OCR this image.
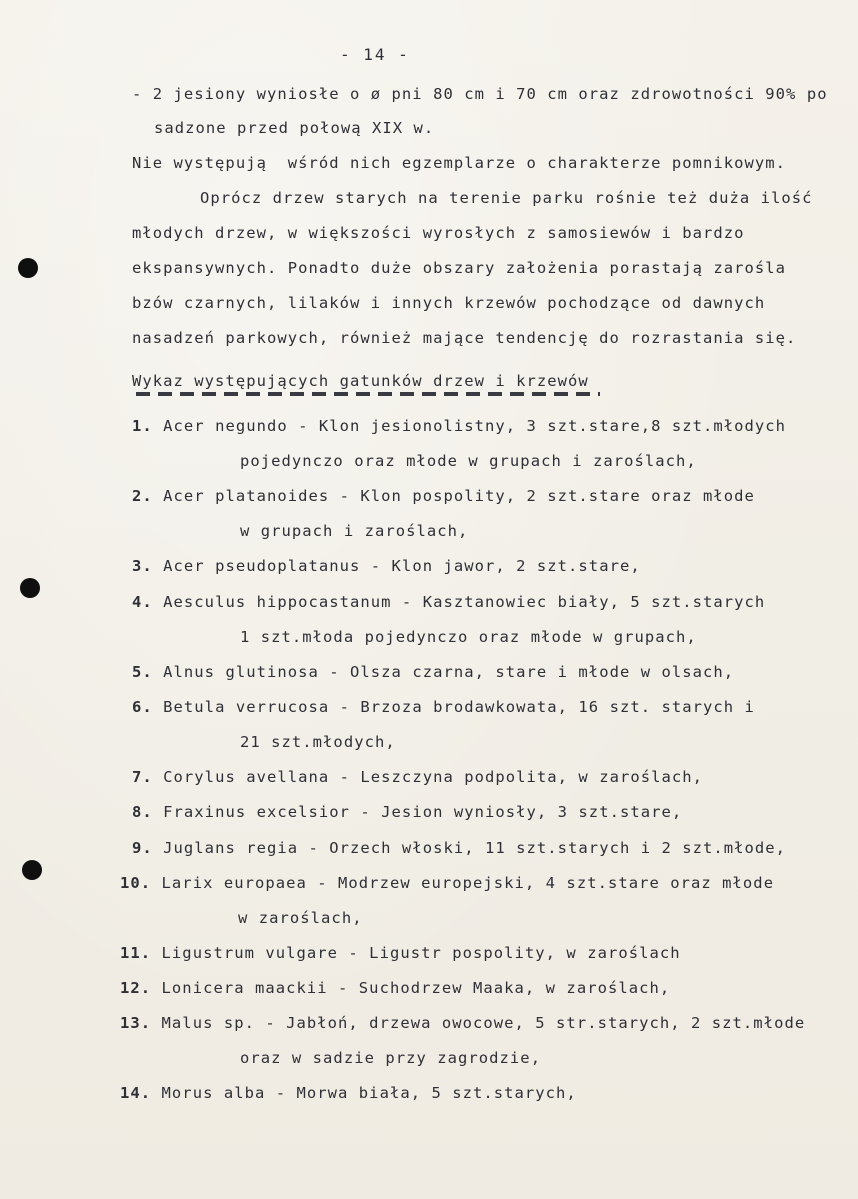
- 14 -
- 2 jesiony wyniosłe o ø pni 80 cm i 70 cm oraz zdrowotności 90% po
sadzone przed połową XIX w.
Nie występują  wśród nich egzemplarze o charakterze pomnikowym.
Oprócz drzew starych na terenie parku rośnie też duża ilość
młodych drzew, w większości wyrosłych z samosiewów i bardzo
ekspansywnych. Ponadto duże obszary założenia porastają zarośla
bzów czarnych, lilaków i innych krzewów pochodzące od dawnych
nasadzeń parkowych, również mające tendencję do rozrastania się.
Wykaz występujących gatunków drzew i krzewów
1. Acer negundo - Klon jesionolistny, 3 szt.stare,8 szt.młodych
pojedynczo oraz młode w grupach i zaroślach,
2. Acer platanoides - Klon pospolity, 2 szt.stare oraz młode
w grupach i zaroślach,
3. Acer pseudoplatanus - Klon jawor, 2 szt.stare,
4. Aesculus hippocastanum - Kasztanowiec biały, 5 szt.starych
1 szt.młoda pojedynczo oraz młode w grupach,
5. Alnus glutinosa - Olsza czarna, stare i młode w olsach,
6. Betula verrucosa - Brzoza brodawkowata, 16 szt. starych i
21 szt.młodych,
7. Corylus avellana - Leszczyna podpolita, w zaroślach,
8. Fraxinus excelsior - Jesion wyniosły, 3 szt.stare,
9. Juglans regia - Orzech włoski, 11 szt.starych i 2 szt.młode,
10. Larix europaea - Modrzew europejski, 4 szt.stare oraz młode
w zaroślach,
11. Ligustrum vulgare - Ligustr pospolity, w zaroślach
12. Lonicera maackii - Suchodrzew Maaka, w zaroślach,
13. Malus sp. - Jabłoń, drzewa owocowe, 5 str.starych, 2 szt.młode
oraz w sadzie przy zagrodzie,
14. Morus alba - Morwa biała, 5 szt.starych,
